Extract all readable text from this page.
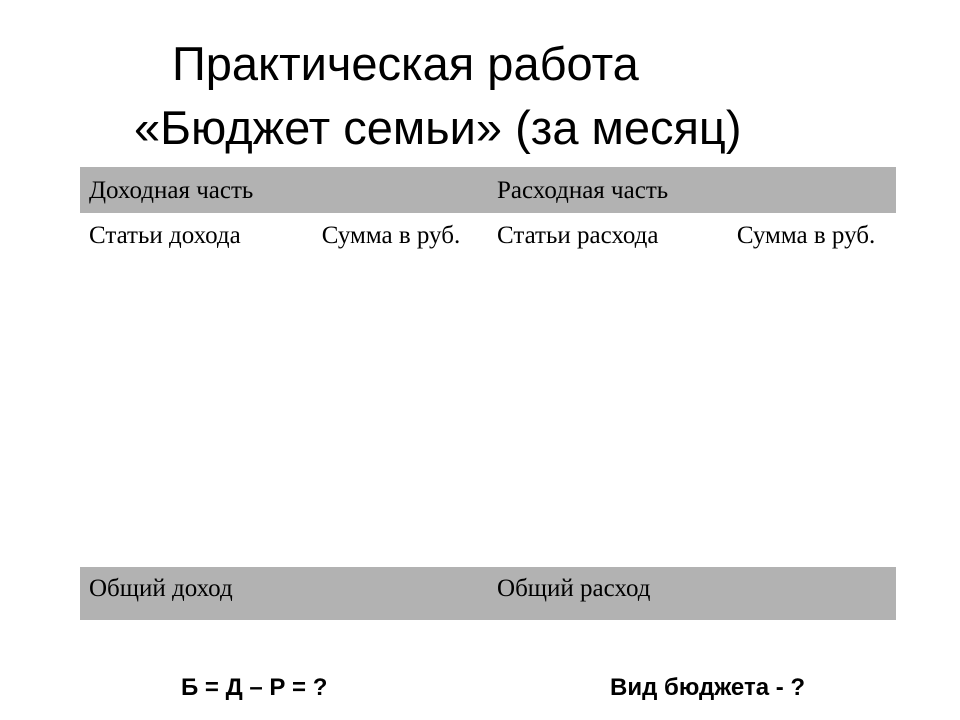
Практическая работа
«Бюджет семьи» (за месяц)
Доходная часть		Расходная часть	
Статьи дохода	Сумма в руб.	Статьи расхода	Сумма в руб.
Общий доход		Общий расход	
Б = Д – Р = ?	Вид бюджета - ?
